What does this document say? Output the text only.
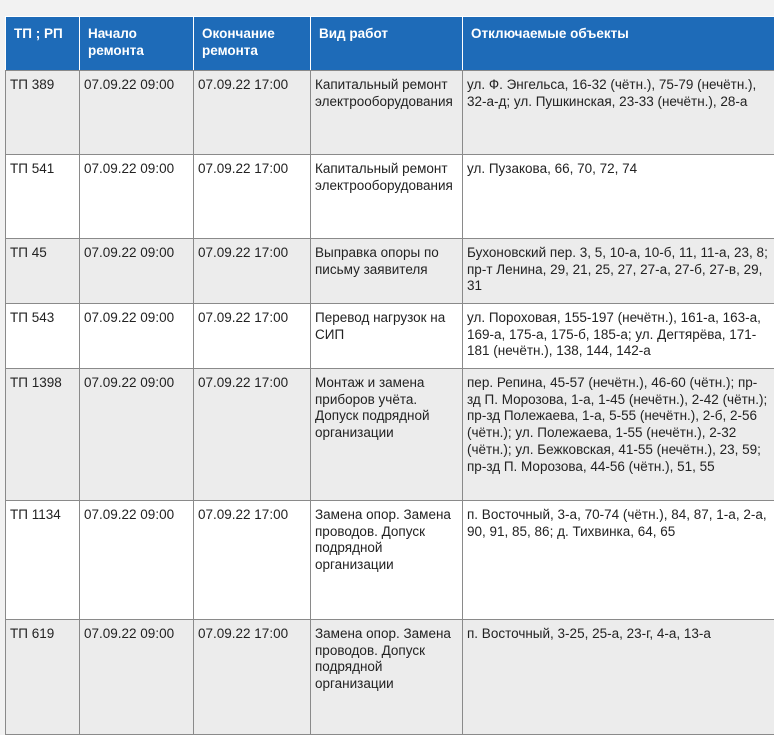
ТП ; РП	Начало ремонта	Окончание ремонта	Вид работ	Отключаемые объекты
ТП 389	07.09.22 09:00	07.09.22 17:00	Капитальный ремонт электрооборудования	ул. Ф. Энгельса, 16-32 (чётн.), 75-79 (нечётн.), 32-а-д; ул. Пушкинская, 23-33 (нечётн.), 28-а
ТП 541	07.09.22 09:00	07.09.22 17:00	Капитальный ремонт электрооборудования	ул. Пузакова, 66, 70, 72, 74
ТП 45	07.09.22 09:00	07.09.22 17:00	Выправка опоры по письму заявителя	Бухоновский пер. 3, 5, 10-а, 10-б, 11, 11-а, 23, 8; пр-т Ленина, 29, 21, 25, 27, 27-а, 27-б, 27-в, 29, 31
ТП 543	07.09.22 09:00	07.09.22 17:00	Перевод нагрузок на СИП	ул. Пороховая, 155-197 (нечётн.), 161-а, 163-а, 169-а, 175-а, 175-б, 185-а; ул. Дегтярёва, 171-181 (нечётн.), 138, 144, 142-а
ТП 1398	07.09.22 09:00	07.09.22 17:00	Монтаж и замена приборов учёта. Допуск подрядной организации	пер. Репина, 45-57 (нечётн.), 46-60 (чётн.); пр-зд П. Морозова, 1-а, 1-45 (нечётн.), 2-42 (чётн.); пр-зд Полежаева, 1-а, 5-55 (нечётн.), 2-б, 2-56 (чётн.); ул. Полежаева, 1-55 (нечётн.), 2-32 (чётн.); ул. Бежковская, 41-55 (нечётн.), 23, 59; пр-зд П. Морозова, 44-56 (чётн.), 51, 55
ТП 1134	07.09.22 09:00	07.09.22 17:00	Замена опор. Замена проводов. Допуск подрядной организации	п. Восточный, 3-а, 70-74 (чётн.), 84, 87, 1-а, 2-а, 90, 91, 85, 86; д. Тихвинка, 64, 65
ТП 619	07.09.22 09:00	07.09.22 17:00	Замена опор. Замена проводов. Допуск подрядной организации	п. Восточный, 3-25, 25-а, 23-г, 4-а, 13-а
